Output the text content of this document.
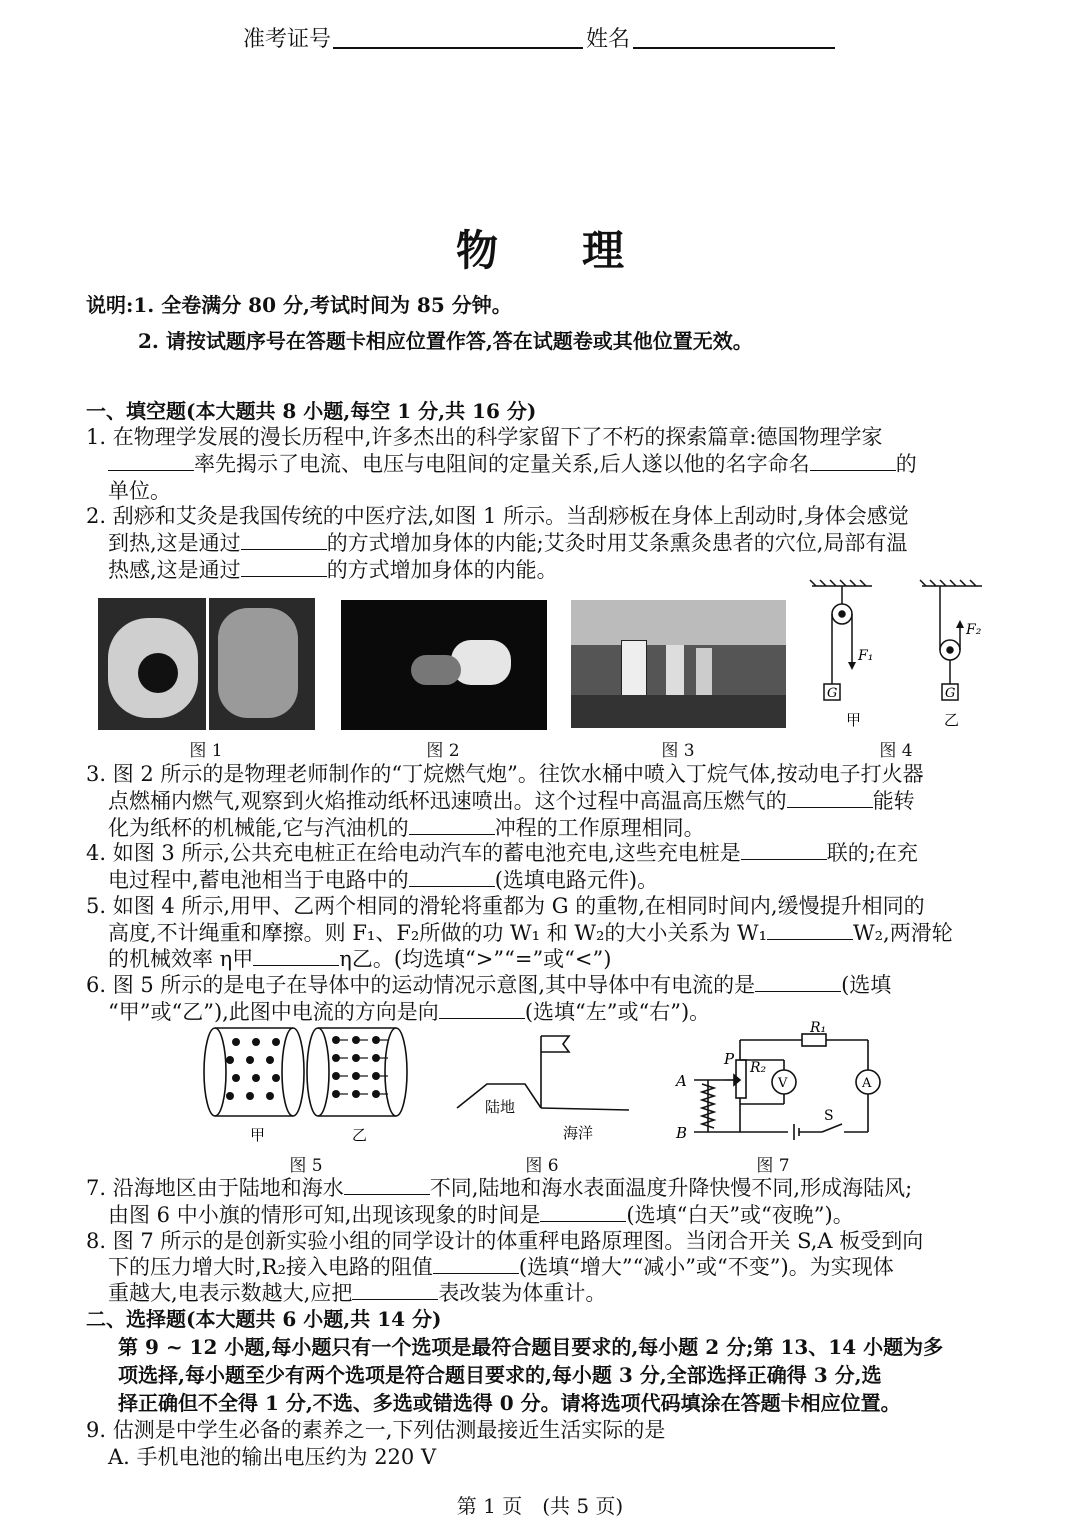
准考证号	姓名
物　　理
说明:1. 全卷满分 80 分,考试时间为 85 分钟。
2. 请按试题序号在答题卡相应位置作答,答在试题卷或其他位置无效。
一、填空题(本大题共 8 小题,每空 1 分,共 16 分)
1. 在物理学发展的漫长历程中,许多杰出的科学家留下了不朽的探索篇章:德国物理学家
率先揭示了电流、电压与电阻间的定量关系,后人遂以他的名字命名	的
单位。
2. 刮痧和艾灸是我国传统的中医疗法,如图 1 所示。当刮痧板在身体上刮动时,身体会感觉
到热,这是通过	的方式增加身体的内能;艾灸时用艾条熏灸患者的穴位,局部有温
热感,这是通过	的方式增加身体的内能。
F₁
F₂
G	G
甲	乙
图 1	图 2	图 3	图 4
3. 图 2 所示的是物理老师制作的“丁烷燃气炮”。往饮水桶中喷入丁烷气体,按动电子打火器
点燃桶内燃气,观察到火焰推动纸杯迅速喷出。这个过程中高温高压燃气的	能转
化为纸杯的机械能,它与汽油机的	冲程的工作原理相同。
4. 如图 3 所示,公共充电桩正在给电动汽车的蓄电池充电,这些充电桩是	联的;在充
电过程中,蓄电池相当于电路中的	(选填电路元件)。
5. 如图 4 所示,用甲、乙两个相同的滑轮将重都为 G 的重物,在相同时间内,缓慢提升相同的
高度,不计绳重和摩擦。则 F₁、F₂所做的功 W₁ 和 W₂的大小关系为 W₁	W₂,两滑轮
的机械效率 η甲	η乙。(均选填“>”“=”或“<”)
6. 图 5 所示的是电子在导体中的运动情况示意图,其中导体中有电流的是	(选填
“甲”或“乙”),此图中电流的方向是向	(选填“左”或“右”)。
甲	乙
陆地
海洋
A
B
P R₂
R₁
V	A
S
图 5	图 6	图 7
7. 沿海地区由于陆地和海水	不同,陆地和海水表面温度升降快慢不同,形成海陆风;
由图 6 中小旗的情形可知,出现该现象的时间是	(选填“白天”或“夜晚”)。
8. 图 7 所示的是创新实验小组的同学设计的体重秤电路原理图。当闭合开关 S,A 板受到向
下的压力增大时,R₂接入电路的阻值	(选填“增大”“减小”或“不变”)。为实现体
重越大,电表示数越大,应把	表改装为体重计。
二、选择题(本大题共 6 小题,共 14 分)
第 9 ~ 12 小题,每小题只有一个选项是最符合题目要求的,每小题 2 分;第 13、14 小题为多
项选择,每小题至少有两个选项是符合题目要求的,每小题 3 分,全部选择正确得 3 分,选
择正确但不全得 1 分,不选、多选或错选得 0 分。请将选项代码填涂在答题卡相应位置。
9. 估测是中学生必备的素养之一,下列估测最接近生活实际的是
A. 手机电池的输出电压约为 220 V
第 1 页　(共 5 页)
